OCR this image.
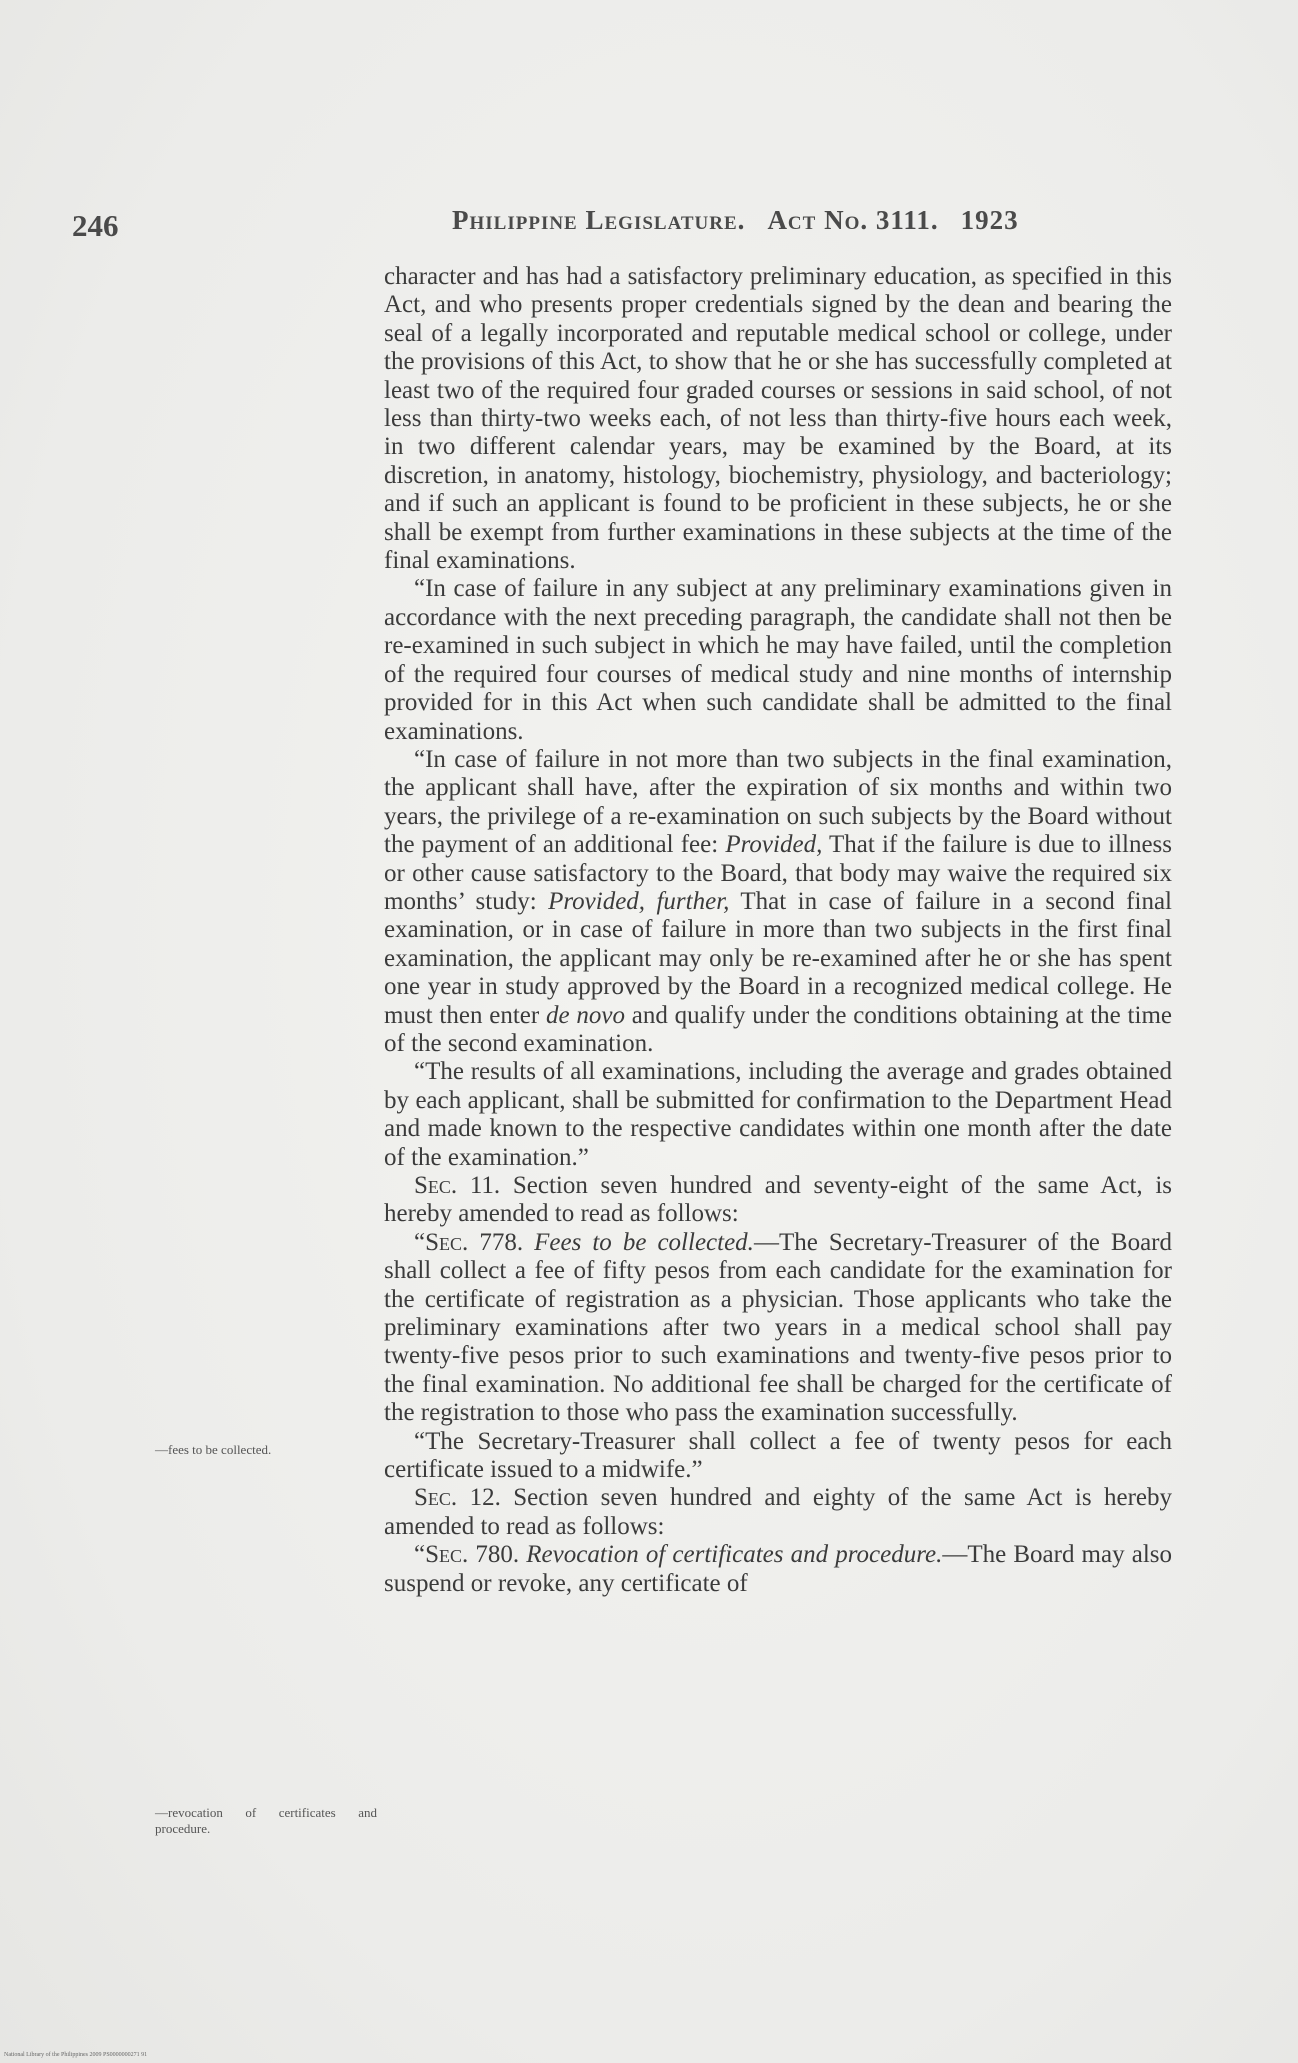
246	Philippine Legislature. Act No. 3111. 1923

character and has had a satisfactory preliminary education, as specified in this Act, and who presents proper credentials signed by the dean and bearing the seal of a legally incorporated and reputable medical school or college, under the provisions of this Act, to show that he or she has successfully completed at least two of the required four graded courses or sessions in said school, of not less than thirty-two weeks each, of not less than thirty-five hours each week, in two different calendar years, may be examined by the Board, at its discretion, in anatomy, histology, biochemistry, physiology, and bacteriology; and if such an applicant is found to be proficient in these subjects, he or she shall be exempt from further examinations in these subjects at the time of the final examinations.

“In case of failure in any subject at any preliminary examinations given in accordance with the next preceding paragraph, the candidate shall not then be re-examined in such subject in which he may have failed, until the completion of the required four courses of medical study and nine months of internship provided for in this Act when such candidate shall be admitted to the final examinations.

“In case of failure in not more than two subjects in the final examination, the applicant shall have, after the expiration of six months and within two years, the privilege of a re-examination on such subjects by the Board without the payment of an additional fee: Provided, That if the failure is due to illness or other cause satisfactory to the Board, that body may waive the required six months’ study: Provided, further, That in case of failure in a second final examination, or in case of failure in more than two subjects in the first final examination, the applicant may only be re-examined after he or she has spent one year in study approved by the Board in a recognized medical college. He must then enter de novo and qualify under the conditions obtaining at the time of the second examination.

“The results of all examinations, including the average and grades obtained by each applicant, shall be submitted for confirmation to the Department Head and made known to the respective candidates within one month after the date of the examination.”

Sec. 11. Section seven hundred and seventy-eight of the same Act, is hereby amended to read as follows:

“Sec. 778. Fees to be collected.—The Secretary-Treasurer of the Board shall collect a fee of fifty pesos from each candidate for the examination for the certificate of registration as a physician. Those applicants who take the preliminary examinations after two years in a medical school shall pay twenty-five pesos prior to such examinations and twenty-five pesos prior to the final examination. No additional fee shall be charged for the certificate of the registration to those who pass the examination successfully.

“The Secretary-Treasurer shall collect a fee of twenty pesos for each certificate issued to a midwife.”

Sec. 12. Section seven hundred and eighty of the same Act is hereby amended to read as follows:

“Sec. 780. Revocation of certificates and procedure.—The Board may also suspend or revoke, any certificate of

—fees to be collected.
—revocation of certificates and procedure.
National Library of the Philippines 2009 PS0000000271 91
